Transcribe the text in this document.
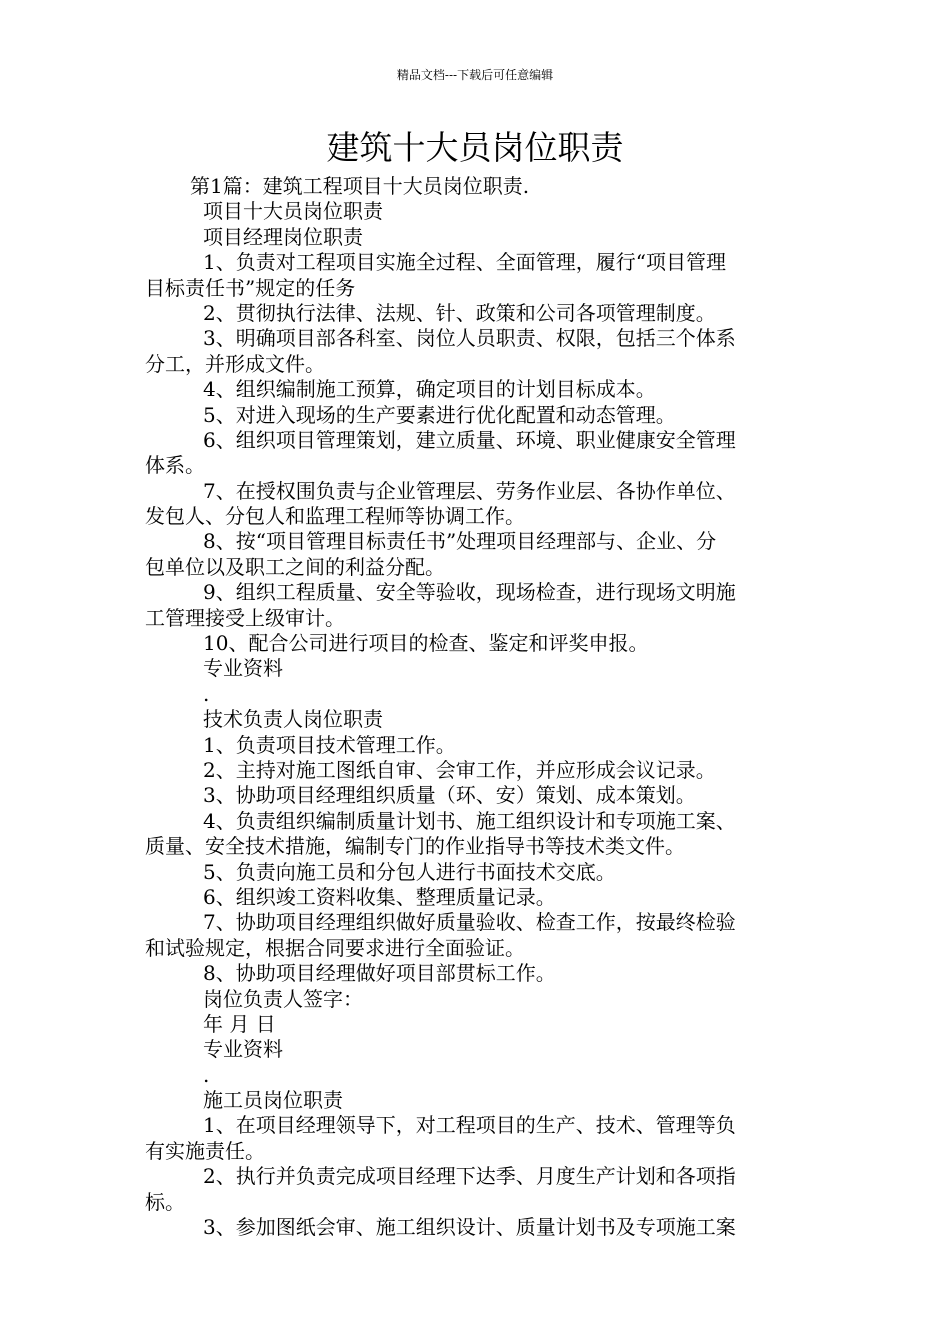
精品文档---下载后可任意编辑
建筑十大员岗位职责
第1篇：建筑工程项目十大员岗位职责.
项目十大员岗位职责
项目经理岗位职责
1、负责对工程项目实施全过程、全面管理，履行“项目管理
目标责任书”规定的任务
2、贯彻执行法律、法规、针、政策和公司各项管理制度。
3、明确项目部各科室、岗位人员职责、权限，包括三个体系
分工，并形成文件。
4、组织编制施工预算，确定项目的计划目标成本。
5、对进入现场的生产要素进行优化配置和动态管理。
6、组织项目管理策划，建立质量、环境、职业健康安全管理
体系。
7、在授权围负责与企业管理层、劳务作业层、各协作单位、
发包人、分包人和监理工程师等协调工作。
8、按“项目管理目标责任书”处理项目经理部与、企业、分
包单位以及职工之间的利益分配。
9、组织工程质量、安全等验收，现场检查，进行现场文明施
工管理接受上级审计。
10、配合公司进行项目的检查、鉴定和评奖申报。
专业资料
.
技术负责人岗位职责
1、负责项目技术管理工作。
2、主持对施工图纸自审、会审工作，并应形成会议记录。
3、协助项目经理组织质量（环、安）策划、成本策划。
4、负责组织编制质量计划书、施工组织设计和专项施工案、
质量、安全技术措施，编制专门的作业指导书等技术类文件。
5、负责向施工员和分包人进行书面技术交底。
6、组织竣工资料收集、整理质量记录。
7、协助项目经理组织做好质量验收、检查工作，按最终检验
和试验规定，根据合同要求进行全面验证。
8、协助项目经理做好项目部贯标工作。
岗位负责人签字：
年 月 日
专业资料
.
施工员岗位职责
1、在项目经理领导下，对工程项目的生产、技术、管理等负
有实施责任。
2、执行并负责完成项目经理下达季、月度生产计划和各项指
标。
3、参加图纸会审、施工组织设计、质量计划书及专项施工案
